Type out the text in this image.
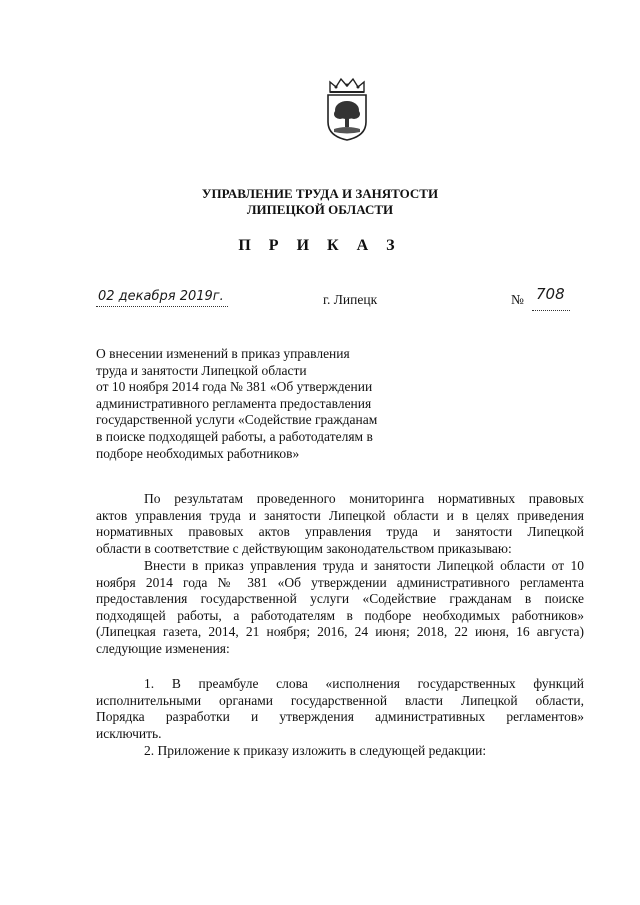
УПРАВЛЕНИЕ ТРУДА И ЗАНЯТОСТИ
ЛИПЕЦКОЙ ОБЛАСТИ
П Р И К А З
02 декабря 2019г.	г. Липецк	№ 708
О внесении изменений в приказ управления
труда и занятости Липецкой области
от 10 ноября 2014 года № 381 «Об утверждении
административного регламента предоставления
государственной услуги «Содействие гражданам
в поиске подходящей работы, а работодателям в
подборе необходимых работников»
По результатам проведенного мониторинга нормативных правовых
актов управления труда и занятости Липецкой области и в целях приведения
нормативных правовых актов управления труда и занятости Липецкой
области в соответствие с действующим законодательством приказываю:
Внести в приказ управления труда и занятости Липецкой области от 10
ноября 2014 года № 381 «Об утверждении административного регламента
предоставления государственной услуги «Содействие гражданам в поиске
подходящей работы, а работодателям в подборе необходимых работников»
(Липецкая газета, 2014, 21 ноября; 2016, 24 июня; 2018, 22 июня, 16 августа)
следующие изменения:
1. В преамбуле слова «исполнения государственных функций
исполнительными органами государственной власти Липецкой области,
Порядка разработки и утверждения административных регламентов»
исключить.
2. Приложение к приказу изложить в следующей редакции:
